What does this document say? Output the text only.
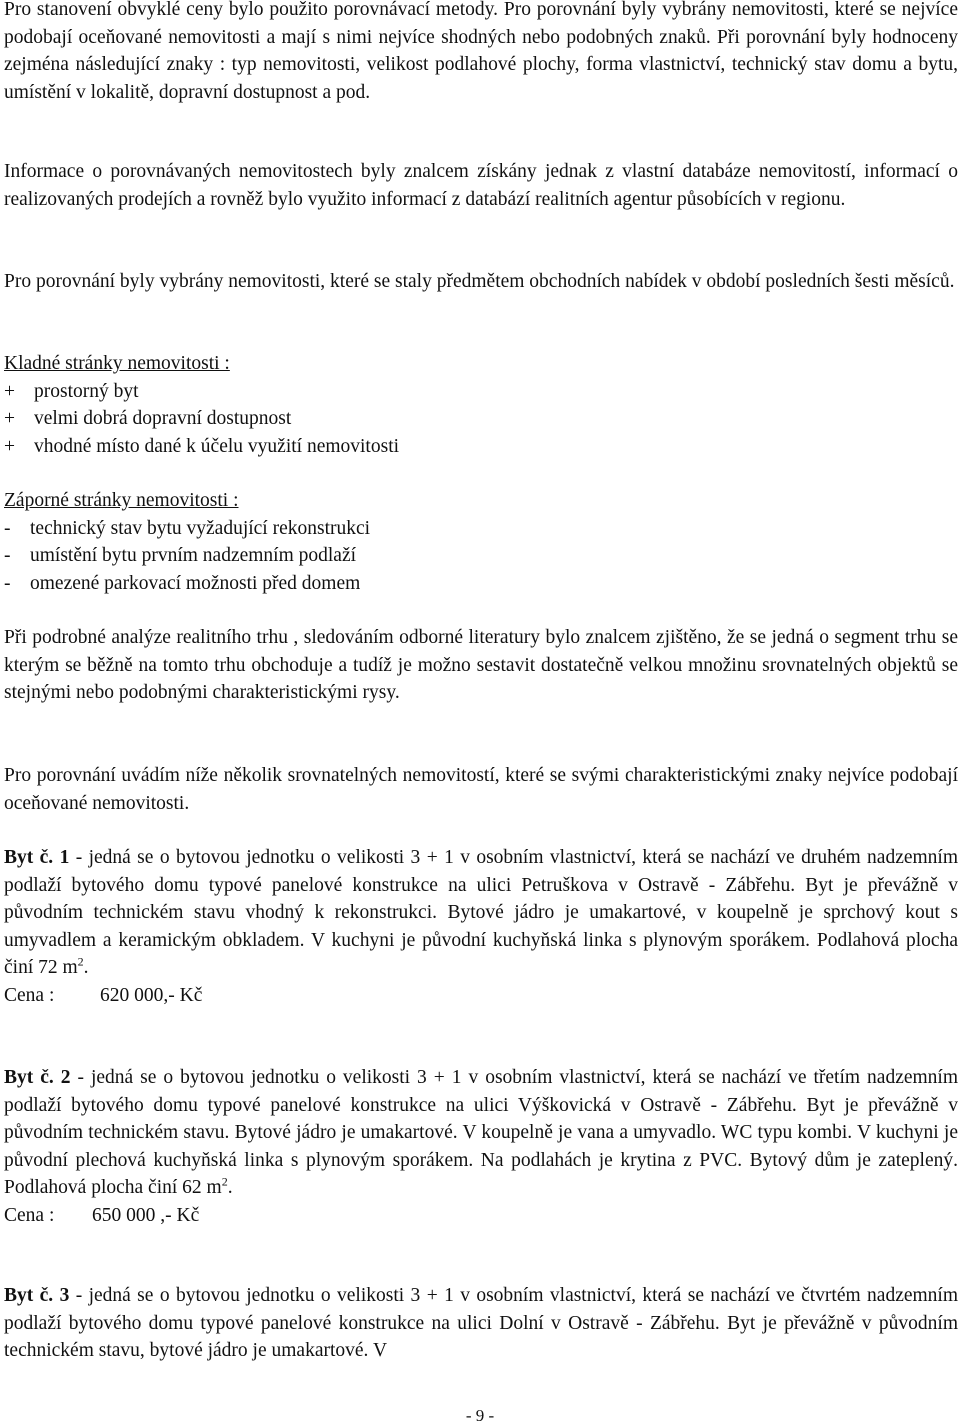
Pro stanovení obvyklé ceny bylo použito porovnávací metody. Pro porovnání byly vybrány nemovitosti, které se nejvíce podobají oceňované nemovitosti a mají s nimi nejvíce shodných nebo podobných znaků. Při porovnání byly hodnoceny zejména následující znaky : typ nemovitosti, velikost podlahové plochy, forma vlastnictví, technický stav domu a bytu, umístění v lokalitě, dopravní dostupnost a pod.

Informace o porovnávaných nemovitostech byly znalcem získány jednak z vlastní databáze nemovitostí, informací o realizovaných prodejích a rovněž bylo využito informací z databází realitních agentur působících v regionu.

Pro porovnání byly vybrány nemovitosti, které se staly předmětem obchodních nabídek v období posledních šesti měsíců.

Kladné stránky nemovitosti :
+ prostorný byt
+ velmi dobrá dopravní dostupnost
+ vhodné místo dané k účelu využití nemovitosti
Záporné stránky nemovitosti :
- technický stav bytu vyžadující rekonstrukci
- umístění bytu prvním nadzemním podlaží
- omezené parkovací možnosti před domem

Při podrobné analýze realitního trhu , sledováním odborné literatury bylo znalcem zjištěno, že se jedná o segment trhu se kterým se běžně na tomto trhu obchoduje a tudíž je možno sestavit dostatečně velkou množinu srovnatelných objektů se stejnými nebo podobnými charakteristickými rysy.

Pro porovnání uvádím níže několik srovnatelných nemovitostí, které se svými charakteristickými znaky nejvíce podobají oceňované nemovitosti.

Byt č. 1 - jedná se o bytovou jednotku o velikosti 3 + 1 v osobním vlastnictví, která se nachází ve druhém nadzemním podlaží bytového domu typové panelové konstrukce na ulici Petruškova v Ostravě - Zábřehu. Byt je převážně v původním technickém stavu vhodný k rekonstrukci. Bytové jádro je umakartové, v koupelně je sprchový kout s umyvadlem a keramickým obkladem. V kuchyni je původní kuchyňská linka s plynovým sporákem. Podlahová plocha činí 72 $m^2$.

Cena : 620 000,- Kč

Byt č. 2 - jedná se o bytovou jednotku o velikosti 3 + 1 v osobním vlastnictví, která se nachází ve třetím nadzemním podlaží bytového domu typové panelové konstrukce na ulici Výškovická v Ostravě - Zábřehu. Byt je převážně v původním technickém stavu. Bytové jádro je umakartové. V koupelně je vana a umyvadlo. WC typu kombi. V kuchyni je původní plechová kuchyňská linka s plynovým sporákem. Na podlahách je krytina z PVC. Bytový dům je zateplený. Podlahová plocha činí 62 $m^2$.

Cena : 650 000 ,- Kč

Byt č. 3 - jedná se o bytovou jednotku o velikosti 3 + 1 v osobním vlastnictví, která se nachází ve čtvrtém nadzemním podlaží bytového domu typové panelové konstrukce na ulici Dolní v Ostravě - Zábřehu. Byt je převážně v původním technickém stavu, bytové jádro je umakartové. V

- 9 -
